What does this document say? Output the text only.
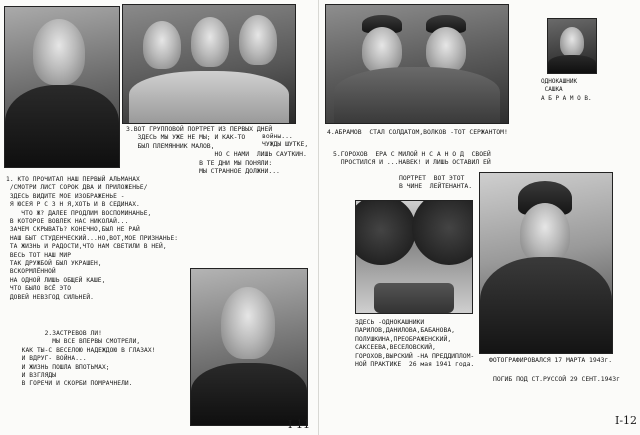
3.ВОТ ГРУППОВОЙ ПОРТРЕТ ИЗ ПЕРВЫХ ДНЕЙ
ЗДЕСЬ МЫ УЖЕ НЕ МЫ; И КАК-ТО
БЫЛ ПЛЕМЯННИК МАЛОВ,
НО С НАМИ  ЛИШЬ САУТКИН.
В ТЕ ДНИ МЫ ПОНЯЛИ:
МЫ СТРАННОЕ ДОЛЖНИ...
войны...
ЧУЖДЫ ШУТКЕ,
1. КТО ПРОЧИТАЛ НАШ ПЕРВЫЙ АЛЬМАНАХ
/СМОТРИ ЛИСТ СОРОК ДВА И ПРИЛОЖЕНЬЕ/
ЗДЕСЬ ВИДИТЕ МОЕ ИЗОБРАЖЕНЬЕ -
Я ЮСЕЯ Р С З Н Я,ХОТЬ И В СЕДИНАХ.
ЧТО Ж? ДАЛЕЕ ПРОДЛИМ ВОСПОМИНАНЬЕ,
В КОТОРОЕ ВОВЛЕК НАС НИКОЛАЙ...
ЗАЧЕМ СКРЫВАТЬ? КОНЕЧНО,БЫЛ НЕ РАЙ
НАШ БЫТ СТУДЕНЧЕСКИЙ...НО,ВОТ,МОЕ ПРИЗНАНЬЕ:
ТА ЖИЗНЬ И РАДОСТИ,ЧТО НАМ СВЕТИЛИ В НЕЙ,
ВЕСЬ ТОТ НАШ МИР
ТАК ДРУЖБОЙ БЫЛ УКРАШЕН,
ВСКОРМЛЁННОЙ
НА ОДНОЙ ЛИШЬ ОБЩЕЙ КАШЕ,
ЧТО БЫЛО ВСЁ ЭТО
ДОВЕЙ НЕВЗГОД СИЛЬНЕЙ.
2.ЗАСТРЕВОВ ЛИ!
МЫ ВСЕ ВПЕРВЫ СМОТРЕЛИ,
КАК ТЫ-С ВЕСЕЛОЮ НАДЕЖДОЮ В ГЛАЗАХ!
И ВДРУГ- ВОЙНА...
И ЖИЗНЬ ПОШЛА ВПОТЬМАХ;
И ВЗГЛЯДЫ
В ГОРЕЧИ И СКОРБИ ПОМРАЧНЕЛИ.
I-11
ОДНОКАШНИК
САШКА
А Б Р А М О В.
4.АБРАМОВ  СТАЛ СОЛДАТОМ,ВОЛКОВ -ТОТ СЕРЖАНТОМ!
5.ГОРОХОВ  ЕРА С МИЛОЙ Н С А Н О Д  СВОЕЙ
ПРОСТИЛСЯ И ...НАВЕК! И ЛИШЬ ОСТАВИЛ ЕЙ
ПОРТРЕТ  ВОТ ЭТОТ
В ЧИНЕ  ЛЕЙТЕНАНТА.
ЗДЕСЬ -ОДНОКАШНИКИ
ПАРИЛОВ,ДАНИЛОВА,БАБАНОВА,
ПОЛУШКИНА,ПРЕОБРАЖЕНСКИЙ,
САКСЕЕВА,ВЕСЕЛОВСКИЙ,
ГОРОХОВ,ВЫРСКИЙ -НА ПРЕДДИПЛОМ-
НОЙ ПРАКТИКЕ  26 мая 1941 года.
ФОТОГРАФИРОВАЛСЯ 17 МАРТА 1943г.
ПОГИБ ПОД СТ.РУССОЙ 29 СЕНТ.1943г
I-12
